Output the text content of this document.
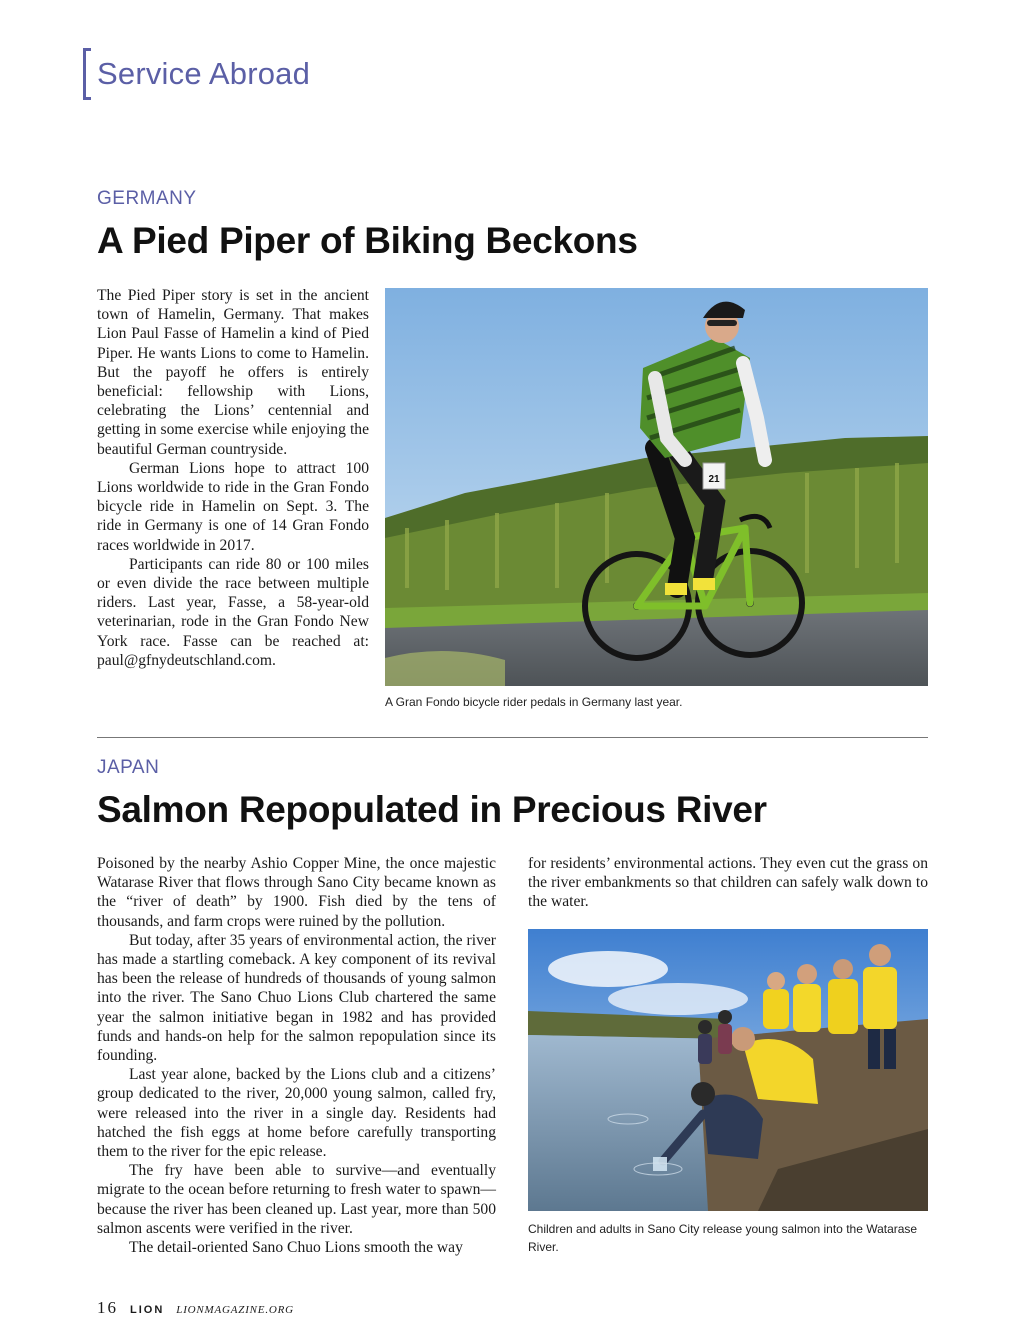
Service Abroad
GERMANY
A Pied Piper of Biking Beckons

The Pied Piper story is set in the ancient town of Hamelin, Germany. That makes Lion Paul Fasse of Hamelin a kind of Pied Piper. He wants Lions to come to Hamelin. But the payoff he offers is entirely beneficial: fellowship with Lions, celebrating the Lions’ centennial and getting in some exercise while enjoying the beautiful German countryside.

German Lions hope to attract 100 Lions worldwide to ride in the Gran Fondo bicycle ride in Hamelin on Sept. 3. The ride in Germany is one of 14 Gran Fondo races worldwide in 2017.

Participants can ride 80 or 100 miles or even divide the race between multiple riders. Last year, Fasse, a 58-year-old veterinarian, rode in the Gran Fondo New York race. Fasse can be reached at: paul@gfnydeutschland.com.

21
A Gran Fondo bicycle rider pedals in Germany last year.
JAPAN
Salmon Repopulated in Precious River

Poisoned by the nearby Ashio Copper Mine, the once majestic Watarase River that flows through Sano City became known as the “river of death” by 1900. Fish died by the tens of thousands, and farm crops were ruined by the pollution.

But today, after 35 years of environmental action, the river has made a startling comeback. A key component of its revival has been the release of hundreds of thousands of young salmon into the river. The Sano Chuo Lions Club chartered the same year the salmon initiative began in 1982 and has provided funds and hands-on help for the salmon repopulation since its founding.

Last year alone, backed by the Lions club and a citizens’ group dedicated to the river, 20,000 young salmon, called fry, were released into the river in a single day. Residents had hatched the fish eggs at home before carefully transporting them to the river for the epic release.

The fry have been able to survive—and eventually migrate to the ocean before returning to fresh water to spawn—because the river has been cleaned up. Last year, more than 500 salmon ascents were verified in the river.

The detail-oriented Sano Chuo Lions smooth the way

for residents’ environmental actions. They even cut the grass on the river embankments so that children can safely walk down to the water.

Children and adults in Sano City release young salmon into the Watarase River.
16 LION LIONMAGAZINE.ORG
